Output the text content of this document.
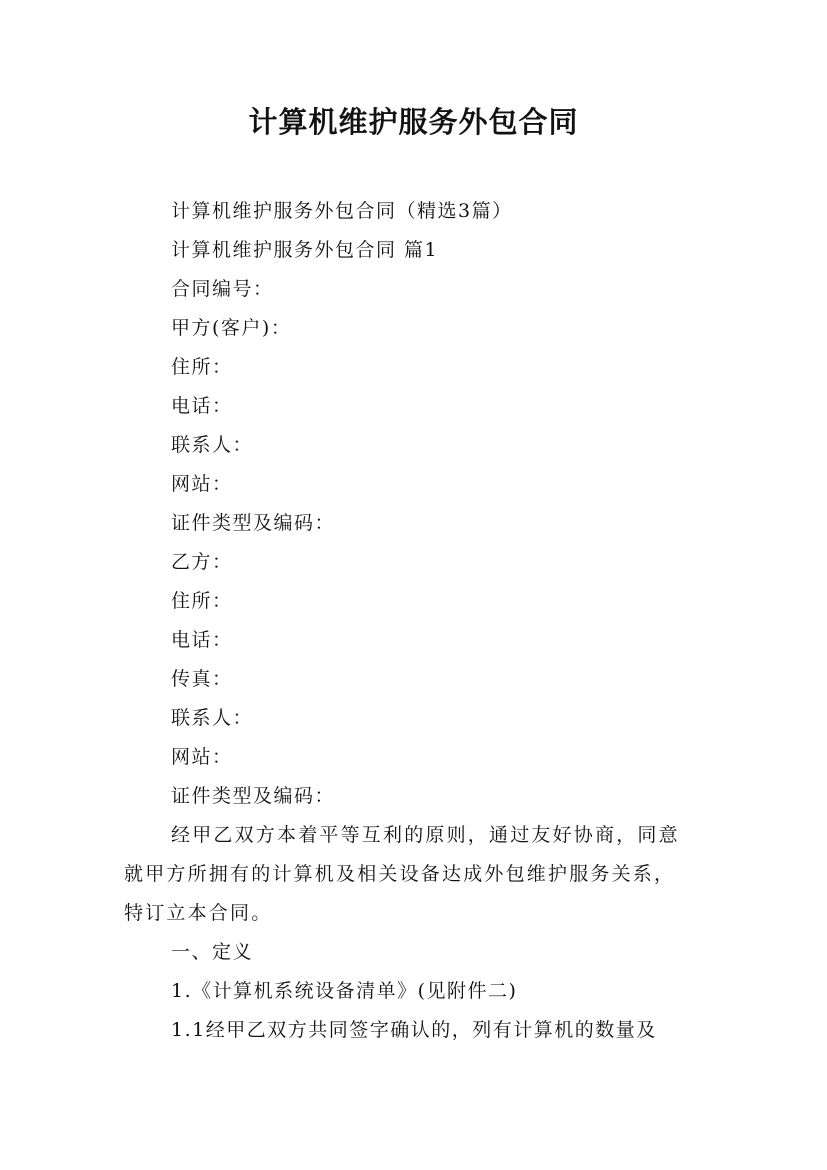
计算机维护服务外包合同
计算机维护服务外包合同（精选3篇）
计算机维护服务外包合同 篇1
合同编号：
甲方(客户)：
住所：
电话：
联系人：
网站：
证件类型及编码：
乙方：
住所：
电话：
传真：
联系人：
网站：
证件类型及编码：
经甲乙双方本着平等互利的原则，通过友好协商，同意
就甲方所拥有的计算机及相关设备达成外包维护服务关系，
特订立本合同。
一、定义
1.《计算机系统设备清单》(见附件二)
1.1经甲乙双方共同签字确认的，列有计算机的数量及
